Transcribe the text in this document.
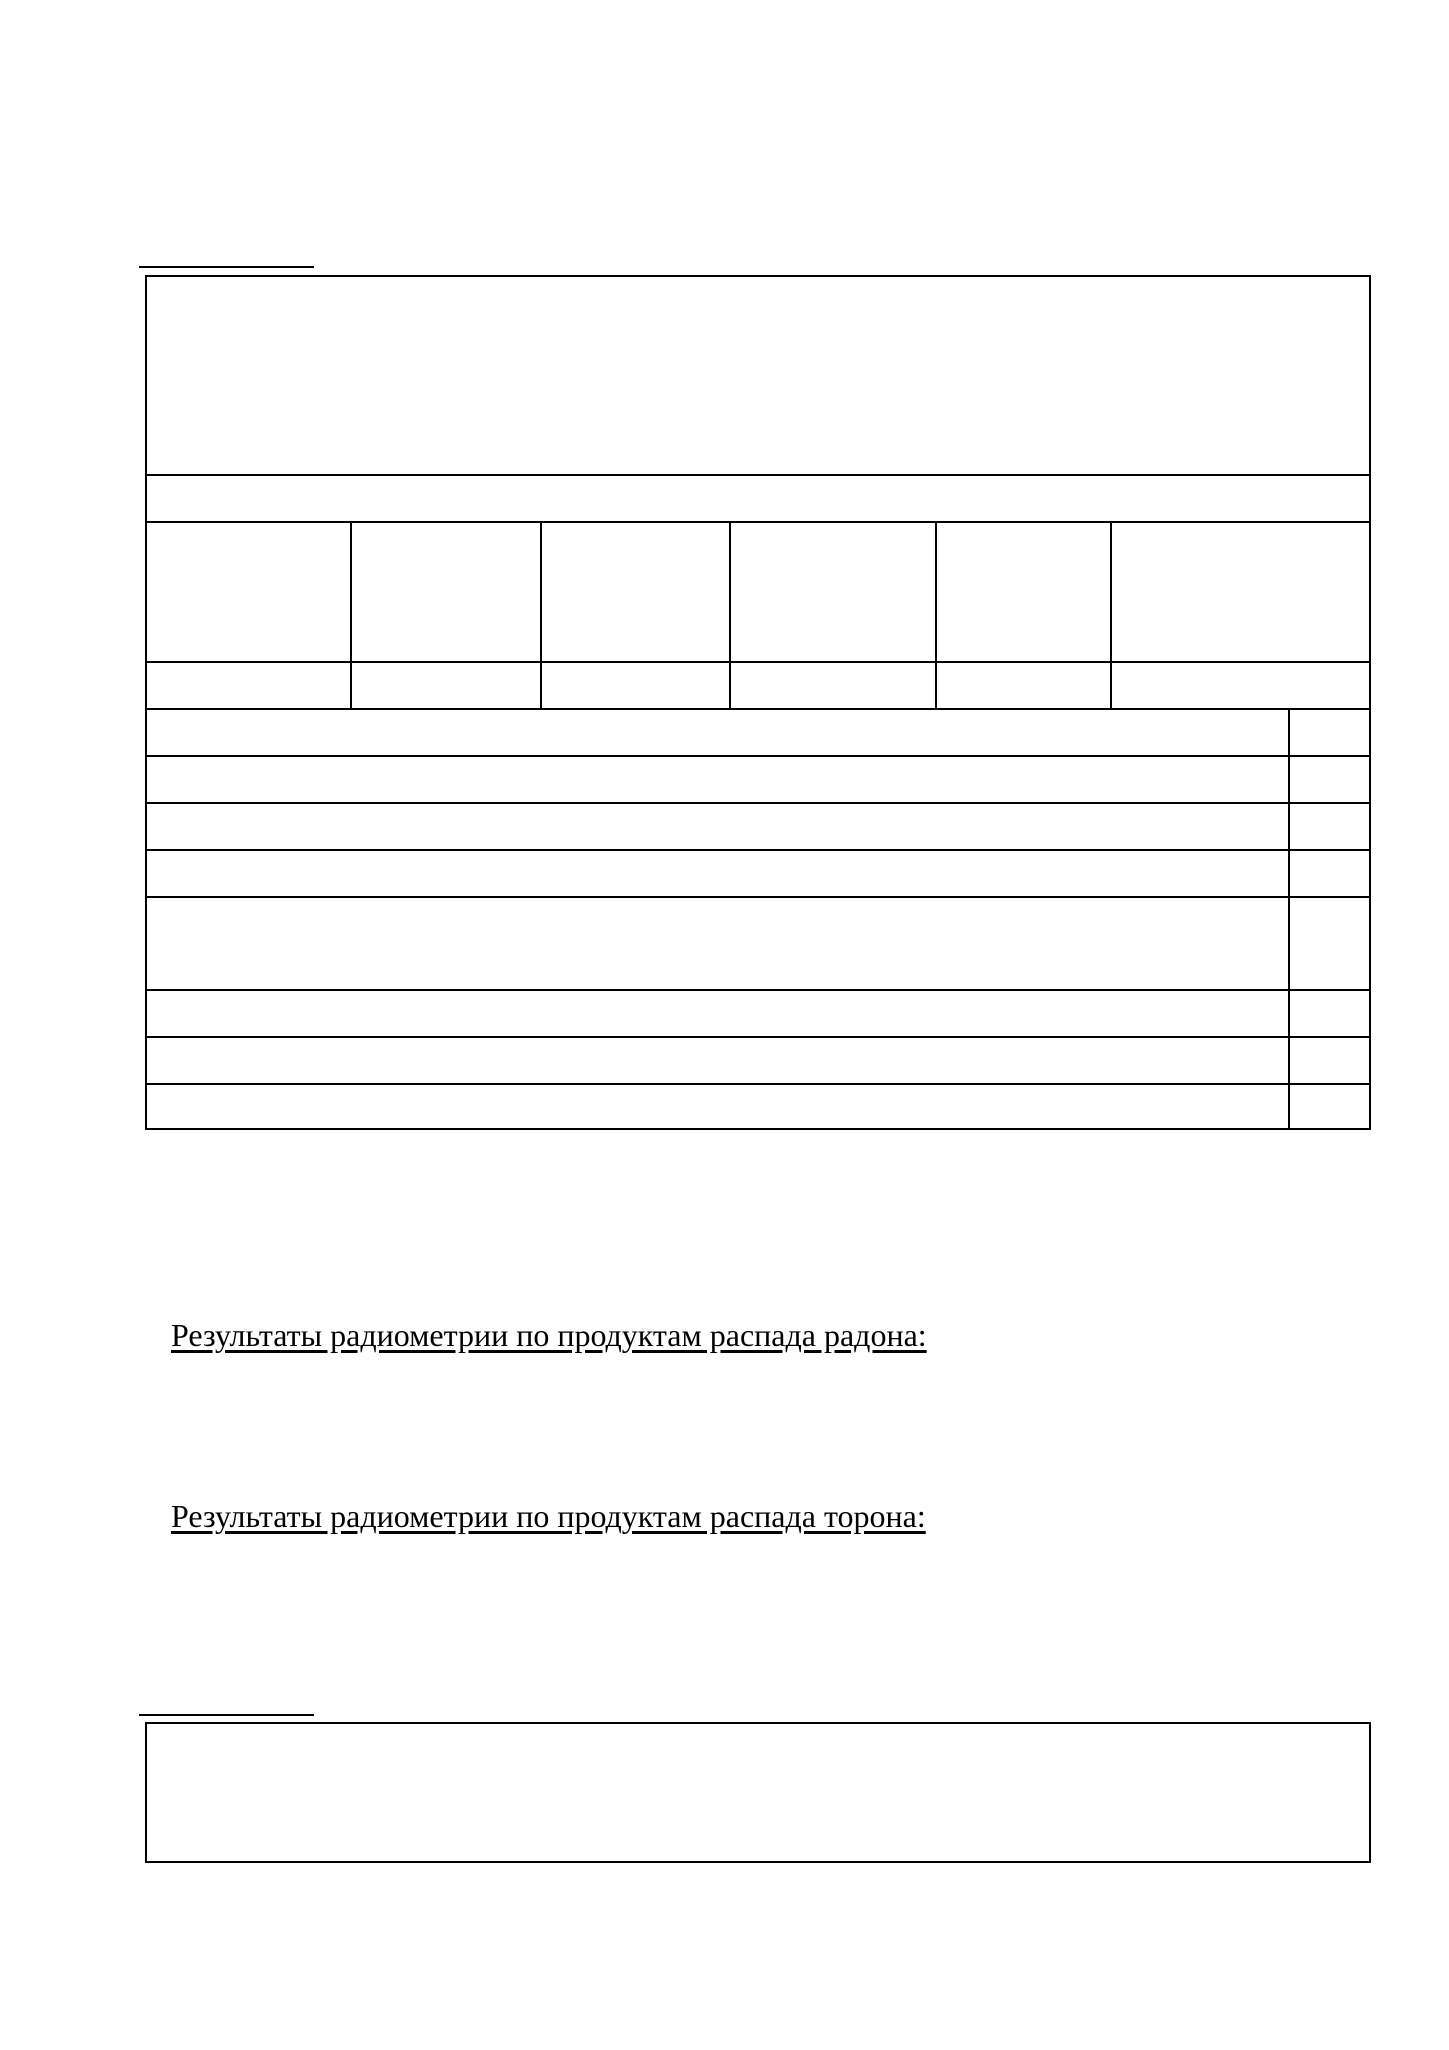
Результаты радиометрии по продуктам распада радона:
Результаты радиометрии по продуктам распада торона:
